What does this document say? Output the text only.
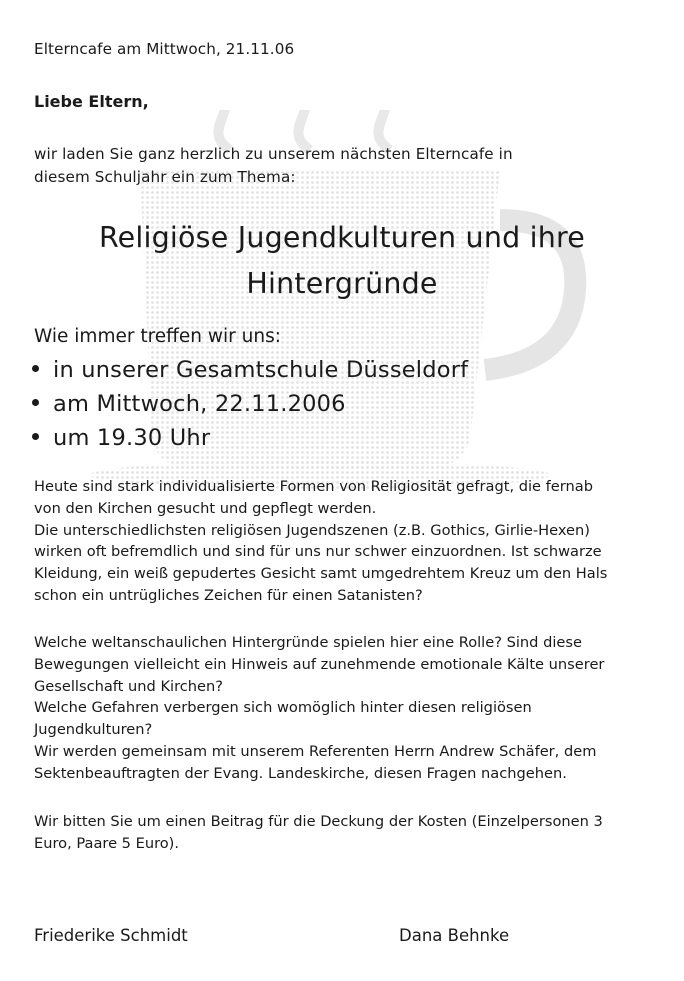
Elterncafe am Mittwoch, 21.11.06
Liebe Eltern,
wir laden Sie ganz herzlich zu unserem nächsten Elterncafe in
diesem Schuljahr ein zum Thema:
Religiöse Jugendkulturen und ihre
Hintergründe
Wie immer treffen wir uns:
in unserer Gesamtschule Düsseldorf
am Mittwoch, 22.11.2006
um 19.30 Uhr
Heute sind stark individualisierte Formen von Religiosität gefragt, die fernab
von den Kirchen gesucht und gepflegt werden.
Die unterschiedlichsten religiösen Jugendszenen (z.B. Gothics, Girlie-Hexen)
wirken oft befremdlich und sind für uns nur schwer einzuordnen. Ist schwarze
Kleidung, ein weiß gepudertes Gesicht samt umgedrehtem Kreuz um den Hals
schon ein untrügliches Zeichen für einen Satanisten?
Welche weltanschaulichen Hintergründe spielen hier eine Rolle? Sind diese
Bewegungen vielleicht ein Hinweis auf zunehmende emotionale Kälte unserer
Gesellschaft und Kirchen?
Welche Gefahren verbergen sich womöglich hinter diesen religiösen
Jugendkulturen?
Wir werden gemeinsam mit unserem Referenten Herrn Andrew Schäfer, dem
Sektenbeauftragten der Evang. Landeskirche, diesen Fragen nachgehen.
Wir bitten Sie um einen Beitrag für die Deckung der Kosten (Einzelpersonen 3
Euro, Paare 5 Euro).
Friederike Schmidt	Dana Behnke
